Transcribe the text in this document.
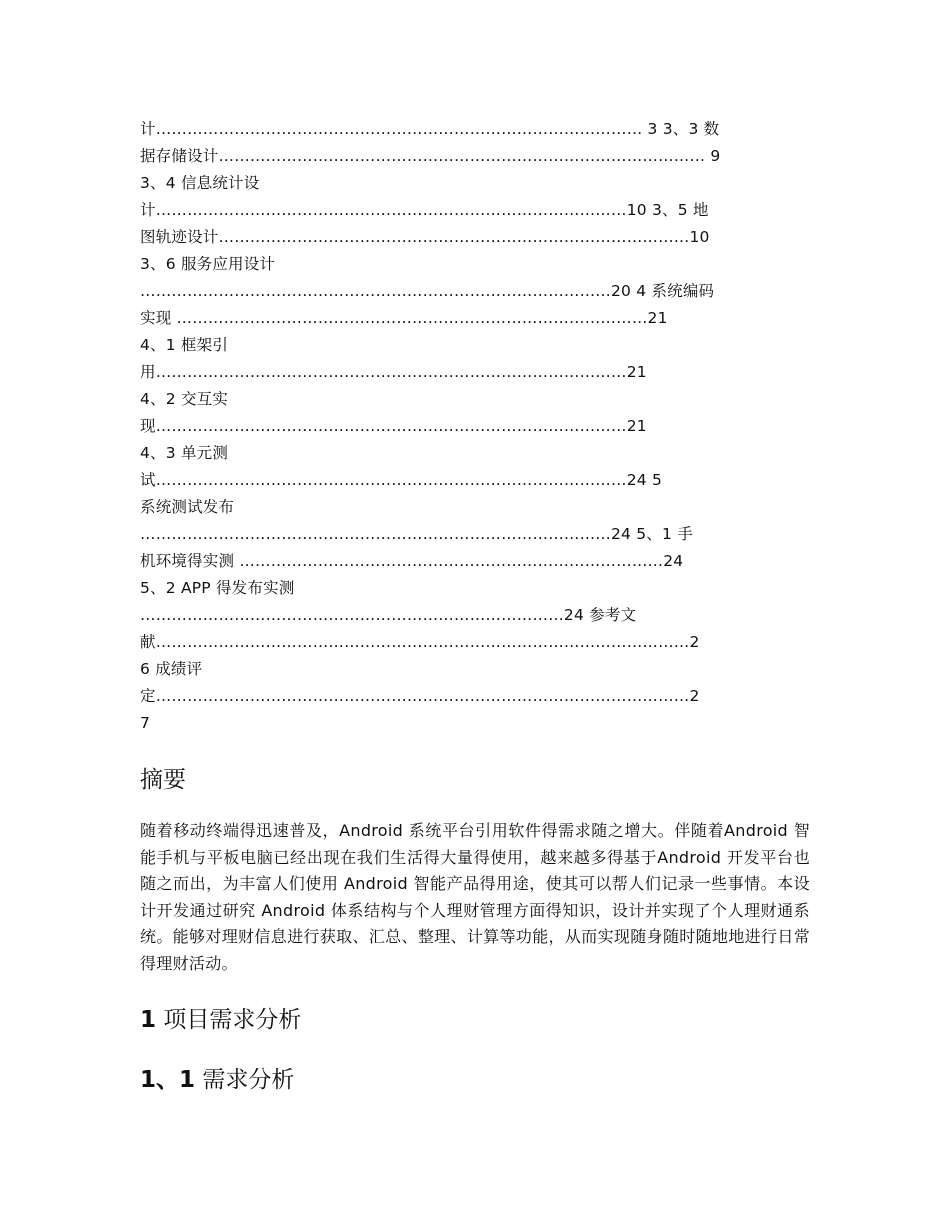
计………………………………………………………………………………… 3 3、3 数
据存储设计………………………………………………………………………………… 9
3、4 信息统计设
计………………………………………………………………………………10 3、5 地
图轨迹设计………………………………………………………………………………10
3、6 服务应用设计
………………………………………………………………………………20 4 系统编码
实现 ………………………………………………………………………………21
4、1 框架引
用………………………………………………………………………………21
4、2 交互实
现………………………………………………………………………………21
4、3 单元测
试………………………………………………………………………………24 5
系统测试发布
………………………………………………………………………………24 5、1 手
机环境得实测 ………………………………………………………………………24
5、2 APP 得发布实测
………………………………………………………………………24 参考文
献…………………………………………………………………………………………2
6 成绩评
定…………………………………………………………………………………………2
7
摘要

随着移动终端得迅速普及，Android 系统平台引用软件得需求随之增大。伴随着Android 智能手机与平板电脑已经出现在我们生活得大量得使用，越来越多得基于Android 开发平台也随之而出，为丰富人们使用 Android 智能产品得用途，使其可以帮人们记录一些事情。本设计开发通过研究 Android 体系结构与个人理财管理方面得知识，设计并实现了个人理财通系统。能够对理财信息进行获取、汇总、整理、计算等功能，从而实现随身随时随地地进行日常得理财活动。

1 项目需求分析
1、1 需求分析
